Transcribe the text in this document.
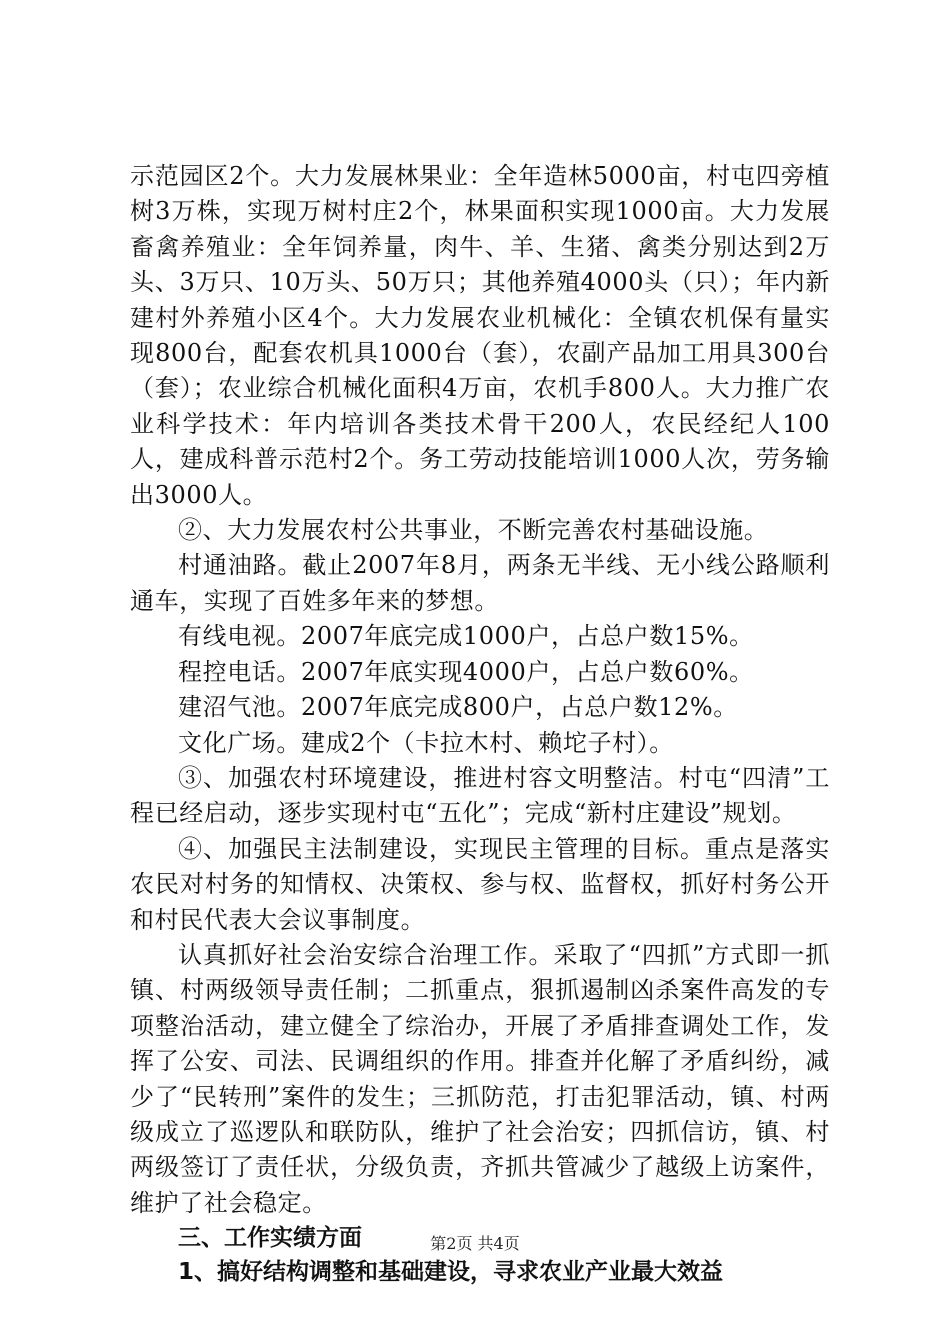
示范园区2个。大力发展林果业：全年造林5000亩，村屯四旁植树3万株，实现万树村庄2个，林果面积实现1000亩。大力发展畜禽养殖业：全年饲养量，肉牛、羊、生猪、禽类分别达到2万头、3万只、10万头、50万只；其他养殖4000头（只）；年内新建村外养殖小区4个。大力发展农业机械化：全镇农机保有量实现800台，配套农机具1000台（套），农副产品加工用具300台（套）；农业综合机械化面积4万亩，农机手800人。大力推广农业科学技术：年内培训各类技术骨干200人，农民经纪人100人，建成科普示范村2个。务工劳动技能培训1000人次，劳务输出3000人。

②、大力发展农村公共事业，不断完善农村基础设施。

村通油路。截止2007年8月，两条无半线、无小线公路顺利通车，实现了百姓多年来的梦想。

有线电视。2007年底完成1000户，占总户数15%。

程控电话。2007年底实现4000户，占总户数60%。

建沼气池。2007年底完成800户，占总户数12%。

文化广场。建成2个（卡拉木村、赖坨子村）。

③、加强农村环境建设，推进村容文明整洁。村屯“四清”工程已经启动，逐步实现村屯“五化”；完成“新村庄建设”规划。

④、加强民主法制建设，实现民主管理的目标。重点是落实农民对村务的知情权、决策权、参与权、监督权，抓好村务公开和村民代表大会议事制度。

认真抓好社会治安综合治理工作。采取了“四抓”方式即一抓镇、村两级领导责任制；二抓重点，狠抓遏制凶杀案件高发的专项整治活动，建立健全了综治办，开展了矛盾排查调处工作，发挥了公安、司法、民调组织的作用。排查并化解了矛盾纠纷，减少了“民转刑”案件的发生；三抓防范，打击犯罪活动，镇、村两级成立了巡逻队和联防队，维护了社会治安；四抓信访，镇、村两级签订了责任状，分级负责，齐抓共管减少了越级上访案件，维护了社会稳定。

三、工作实绩方面

1、搞好结构调整和基础建设，寻求农业产业最大效益

第2页 共4页
